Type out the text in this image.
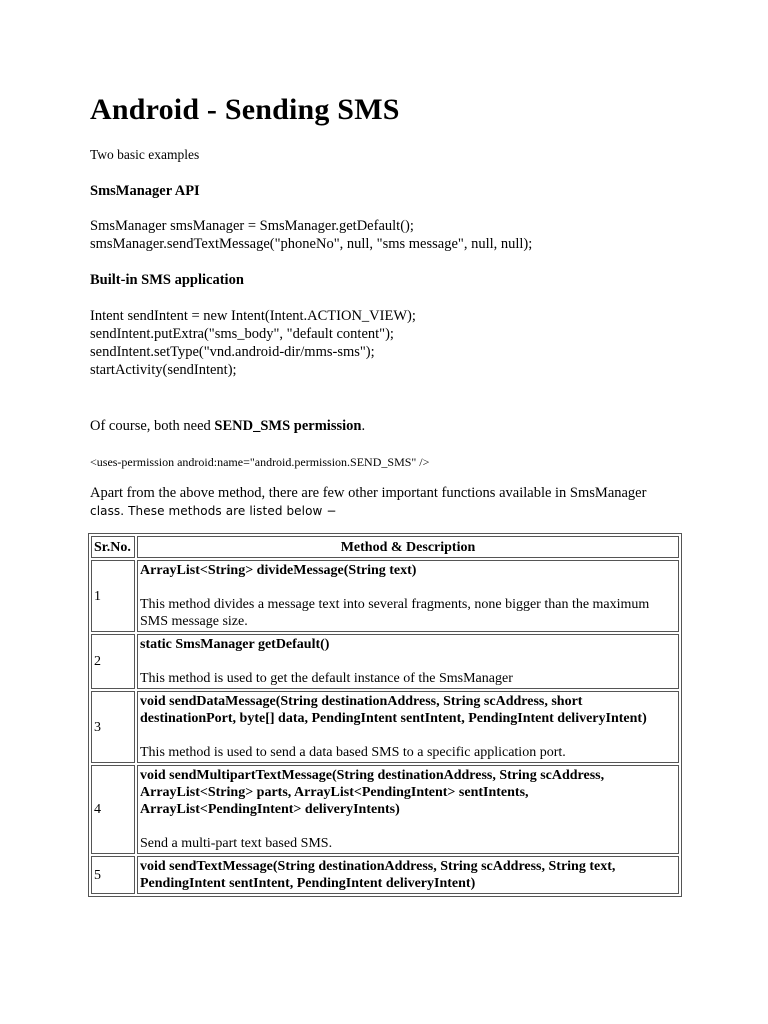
Android - Sending SMS

Two basic examples

SmsManager API

SmsManager smsManager = SmsManager.getDefault();

smsManager.sendTextMessage("phoneNo", null, "sms message", null, null);

Built-in SMS application

Intent sendIntent = new Intent(Intent.ACTION_VIEW);

sendIntent.putExtra("sms_body", "default content");

sendIntent.setType("vnd.android-dir/mms-sms");

startActivity(sendIntent);

Of course, both need SEND_SMS permission.

<uses-permission android:name="android.permission.SEND_SMS" />

Apart from the above method, there are few other important functions available in SmsManager

class. These methods are listed below −

Sr.No.	Method & Description
1	ArrayList<String> divideMessage(String text)
This method divides a message text into several fragments, none bigger than the maximum SMS message size.

2	static SmsManager getDefault()
This method is used to get the default instance of the SmsManager

3	void sendDataMessage(String destinationAddress, String scAddress, short destinationPort, byte[] data, PendingIntent sentIntent, PendingIntent deliveryIntent)
This method is used to send a data based SMS to a specific application port.

4	void sendMultipartTextMessage(String destinationAddress, String scAddress, ArrayList<String> parts, ArrayList<PendingIntent> sentIntents, ArrayList<PendingIntent> deliveryIntents)
Send a multi-part text based SMS.

5	void sendTextMessage(String destinationAddress, String scAddress, String text, PendingIntent sentIntent, PendingIntent deliveryIntent)
